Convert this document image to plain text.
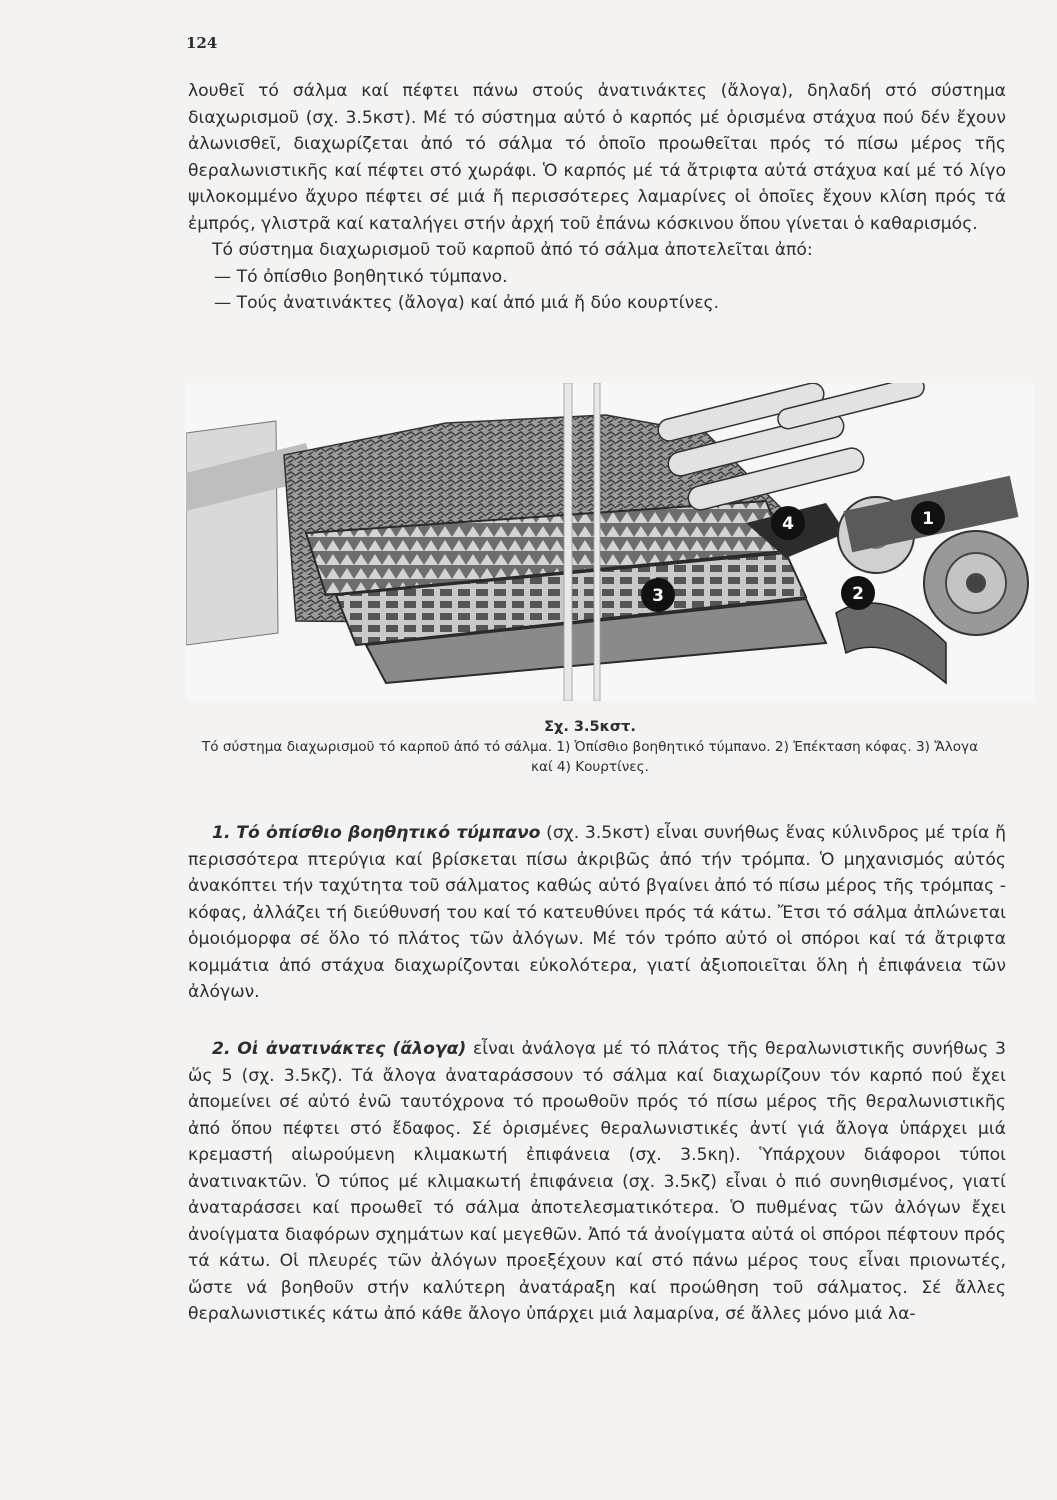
124

λουθεῖ τό σάλμα καί πέφτει πάνω στούς ἀνατινάκτες (ἄλογα), δηλαδή στό σύστημα διαχωρισμοῦ (σχ. 3.5κστ). Μέ τό σύστημα αὐτό ὁ καρπός μέ ὁρισμένα στάχυα πού δέν ἔχουν ἀλωνισθεῖ, διαχωρίζεται ἀπό τό σάλμα τό ὁποῖο προωθεῖται πρός τό πίσω μέρος τῆς θεραλωνιστικῆς καί πέφτει στό χωράφι. Ὁ καρπός μέ τά ἄτριφτα αὐτά στάχυα καί μέ τό λίγο ψιλοκομμένο ἄχυρο πέφτει σέ μιά ἤ περισσότερες λαμαρίνες οἱ ὁποῖες ἔχουν κλίση πρός τά ἐμπρός, γλιστρᾶ καί καταλήγει στήν ἀρχή τοῦ ἐπάνω κόσκινου ὅπου γίνεται ὁ καθαρισμός.

Τό σύστημα διαχωρισμοῦ τοῦ καρποῦ ἀπό τό σάλμα ἀποτελεῖται ἀπό:

— Τό ὀπίσθιο βοηθητικό τύμπανο.

— Τούς ἀνατινάκτες (ἄλογα) καί ἀπό μιά ἤ δύο κουρτίνες.

1
2
3
4
Σχ. 3.5κστ.
Τό σύστημα διαχωρισμοῦ τό καρποῦ ἀπό τό σάλμα. 1) Ὀπίσθιο βοηθητικό τύμπανο. 2) Ἐπέκταση κόφας. 3) Ἄλογα καί 4) Κουρτίνες.

1. Τό ὀπίσθιο βοηθητικό τύμπανο (σχ. 3.5κστ) εἶναι συνήθως ἕνας κύλινδρος μέ τρία ἤ περισσότερα πτερύγια καί βρίσκεται πίσω ἀκριβῶς ἀπό τήν τρόμπα. Ὁ μηχανισμός αὐτός ἀνακόπτει τήν ταχύτητα τοῦ σάλματος καθώς αὐτό βγαίνει ἀπό τό πίσω μέρος τῆς τρόμπας - κόφας, ἀλλάζει τή διεύθυνσή του καί τό κατευθύνει πρός τά κάτω. Ἔτσι τό σάλμα ἀπλώνεται ὁμοιόμορφα σέ ὅλο τό πλάτος τῶν ἀλόγων. Μέ τόν τρόπο αὐτό οἱ σπόροι καί τά ἄτριφτα κομμάτια ἀπό στάχυα διαχωρίζονται εὐκολότερα, γιατί ἀξιοποιεῖται ὅλη ἡ ἐπιφάνεια τῶν ἀλόγων.

2. Οἱ ἀνατινάκτες (ἄλογα) εἶναι ἀνάλογα μέ τό πλάτος τῆς θεραλωνιστικῆς συνήθως 3 ὥς 5 (σχ. 3.5κζ). Τά ἄλογα ἀναταράσσουν τό σάλμα καί διαχωρίζουν τόν καρπό πού ἔχει ἀπομείνει σέ αὐτό ἐνῶ ταυτόχρονα τό προωθοῦν πρός τό πίσω μέρος τῆς θεραλωνιστικῆς ἀπό ὅπου πέφτει στό ἔδαφος. Σέ ὁρισμένες θεραλωνιστικές ἀντί γιά ἄλογα ὑπάρχει μιά κρεμαστή αἰωρούμενη κλιμακωτή ἐπιφάνεια (σχ. 3.5κη). Ὑπάρχουν διάφοροι τύποι ἀνατινακτῶν. Ὁ τύπος μέ κλιμακωτή ἐπιφάνεια (σχ. 3.5κζ) εἶναι ὁ πιό συνηθισμένος, γιατί ἀναταράσσει καί προωθεῖ τό σάλμα ἀποτελεσματικότερα. Ὁ πυθμένας τῶν ἀλόγων ἔχει ἀνοίγματα διαφόρων σχημάτων καί μεγεθῶν. Ἀπό τά ἀνοίγματα αὐτά οἱ σπόροι πέφτουν πρός τά κάτω. Οἱ πλευρές τῶν ἀλόγων προεξέχουν καί στό πάνω μέρος τους εἶναι πριονωτές, ὥστε νά βοηθοῦν στήν καλύτερη ἀνατάραξη καί προώθηση τοῦ σάλματος. Σέ ἄλλες θεραλωνιστικές κάτω ἀπό κάθε ἄλογο ὑπάρχει μιά λαμαρίνα, σέ ἄλλες μόνο μιά λα-
